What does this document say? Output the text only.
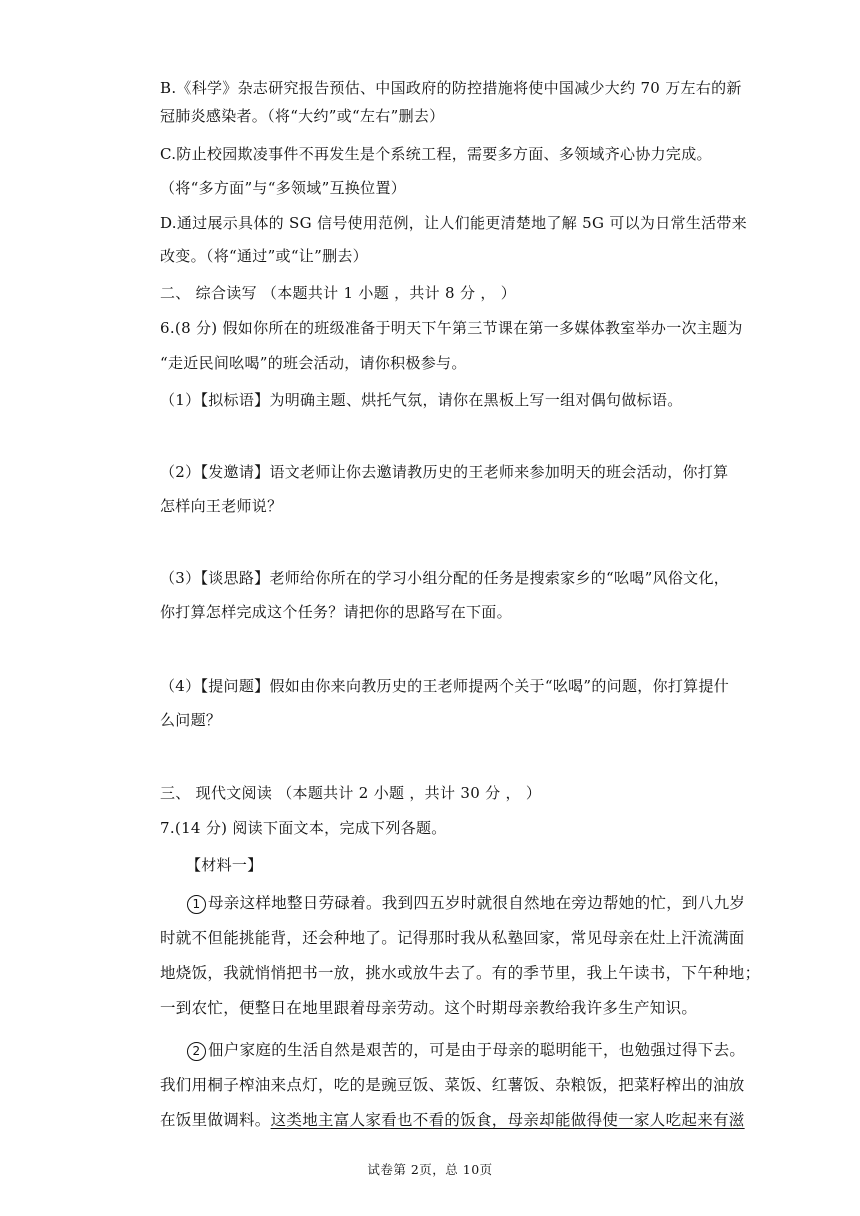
B.《科学》杂志研究报告预估、中国政府的防控措施将使中国减少大约 70 万左右的新
冠肺炎感染者。（将“大约”或“左右”删去）
C.防止校园欺凌事件不再发生是个系统工程，需要多方面、多领域齐心协力完成。
（将“多方面”与“多领域”互换位置）
D.通过展示具体的 SG 信号使用范例，让人们能更清楚地了解 5G 可以为日常生活带来
改变。（将“通过”或“让”删去）
二、 综合读写 （本题共计 1 小题 ，共计 8 分 ， ）
6.(8 分) 假如你所在的班级准备于明天下午第三节课在第一多媒体教室举办一次主题为
“走近民间吆喝”的班会活动，请你积极参与。
（1）【拟标语】为明确主题、烘托气氛，请你在黑板上写一组对偶句做标语。
（2）【发邀请】语文老师让你去邀请教历史的王老师来参加明天的班会活动，你打算
怎样向王老师说？
（3）【谈思路】老师给你所在的学习小组分配的任务是搜索家乡的“吆喝”风俗文化，
你打算怎样完成这个任务？请把你的思路写在下面。
（4）【提问题】假如由你来向教历史的王老师提两个关于“吆喝”的问题，你打算提什
么问题？
三、 现代文阅读 （本题共计 2 小题 ，共计 30 分 ， ）
7.(14 分) 阅读下面文本，完成下列各题。
【材料一】
1 母亲这样地整日劳碌着。我到四五岁时就很自然地在旁边帮她的忙，到八九岁
时就不但能挑能背，还会种地了。记得那时我从私塾回家，常见母亲在灶上汗流满面
地烧饭，我就悄悄把书一放，挑水或放牛去了。有的季节里，我上午读书，下午种地；
一到农忙，便整日在地里跟着母亲劳动。这个时期母亲教给我许多生产知识。
2 佃户家庭的生活自然是艰苦的，可是由于母亲的聪明能干，也勉强过得下去。
我们用桐子榨油来点灯，吃的是豌豆饭、菜饭、红薯饭、杂粮饭，把菜籽榨出的油放
在饭里做调料。这类地主富人家看也不看的饭食，母亲却能做得使一家人吃起来有滋
试卷第 2页，总 10页
